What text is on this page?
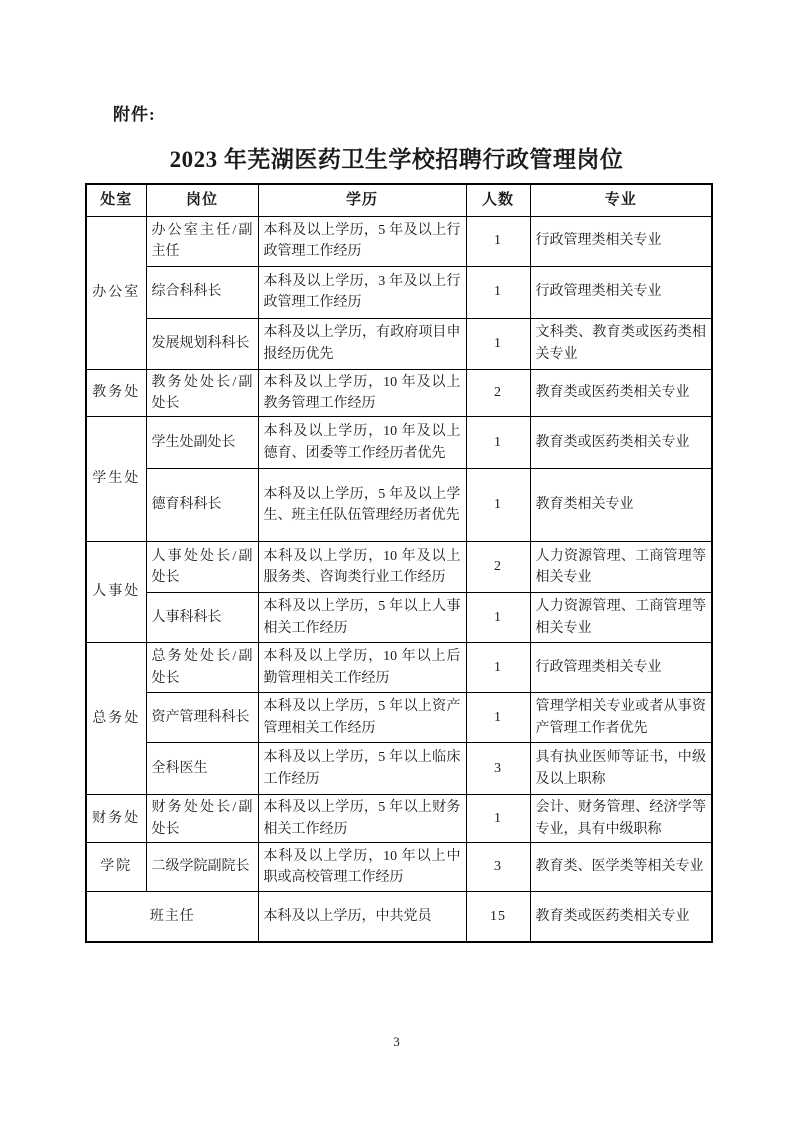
附件:
2023 年芜湖医药卫生学校招聘行政管理岗位
处室	岗位	学历	人数	专业
办公室	办公室主任/副主任	本科及以上学历，5 年及以上行政管理工作经历	1	行政管理类相关专业
	综合科科长	本科及以上学历，3 年及以上行政管理工作经历	1	行政管理类相关专业
	发展规划科科长	本科及以上学历，有政府项目申报经历优先	1	文科类、教育类或医药类相关专业
教务处	教务处处长/副处长	本科及以上学历，10 年及以上教务管理工作经历	2	教育类或医药类相关专业
学生处	学生处副处长	本科及以上学历，10 年及以上德育、团委等工作经历者优先	1	教育类或医药类相关专业
	德育科科长	本科及以上学历，5 年及以上学生、班主任队伍管理经历者优先	1	教育类相关专业
人事处	人事处处长/副处长	本科及以上学历，10 年及以上服务类、咨询类行业工作经历	2	人力资源管理、工商管理等相关专业
	人事科科长	本科及以上学历，5 年以上人事相关工作经历	1	人力资源管理、工商管理等相关专业
总务处	总务处处长/副处长	本科及以上学历，10 年以上后勤管理相关工作经历	1	行政管理类相关专业
	资产管理科科长	本科及以上学历，5 年以上资产管理相关工作经历	1	管理学相关专业或者从事资产管理工作者优先
	全科医生	本科及以上学历，5 年以上临床工作经历	3	具有执业医师等证书，中级及以上职称
财务处	财务处处长/副处长	本科及以上学历，5 年以上财务相关工作经历	1	会计、财务管理、经济学等专业，具有中级职称
学院	二级学院副院长	本科及以上学历，10 年以上中职或高校管理工作经历	3	教育类、医学类等相关专业
班主任		本科及以上学历，中共党员	15	教育类或医药类相关专业
3
